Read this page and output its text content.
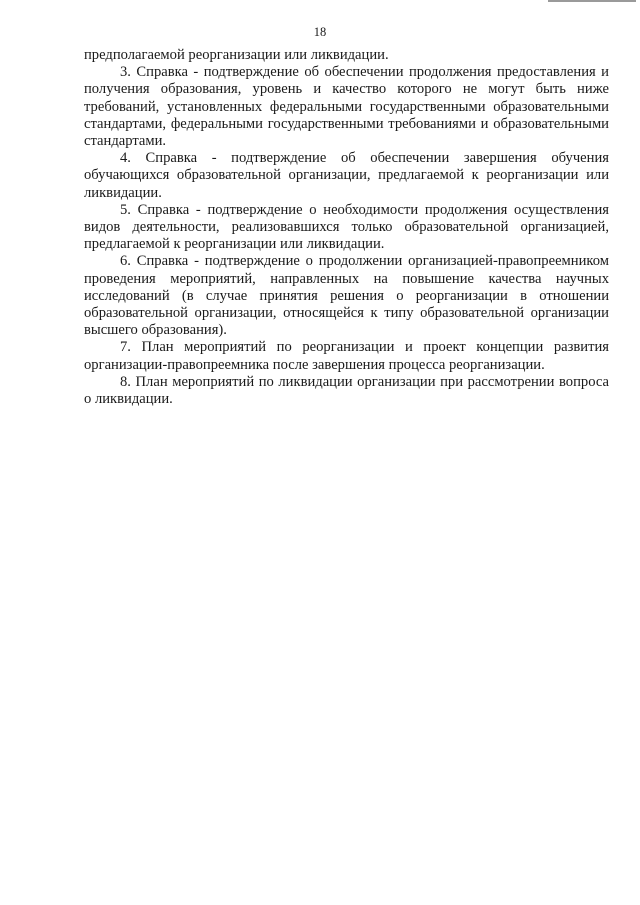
18

предполагаемой реорганизации или ликвидации.

3. Справка - подтверждение об обеспечении продолжения предоставления и получения образования, уровень и качество которого не могут быть ниже требований, установленных федеральными государственными образовательными стандартами, федеральными государственными требованиями и образовательными стандартами.

4. Справка - подтверждение об обеспечении завершения обучения обучающихся образовательной организации, предлагаемой к реорганизации или ликвидации.

5. Справка - подтверждение о необходимости продолжения осуществления видов деятельности, реализовавшихся только образовательной организацией, предлагаемой к реорганизации или ликвидации.

6. Справка - подтверждение о продолжении организацией-правопреемником проведения мероприятий, направленных на повышение качества научных исследований (в случае принятия решения о реорганизации в отношении образовательной организации, относящейся к типу образовательной организации высшего образования).

7. План мероприятий по реорганизации и проект концепции развития организации-правопреемника после завершения процесса реорганизации.

8. План мероприятий по ликвидации организации при рассмотрении вопроса о ликвидации.
